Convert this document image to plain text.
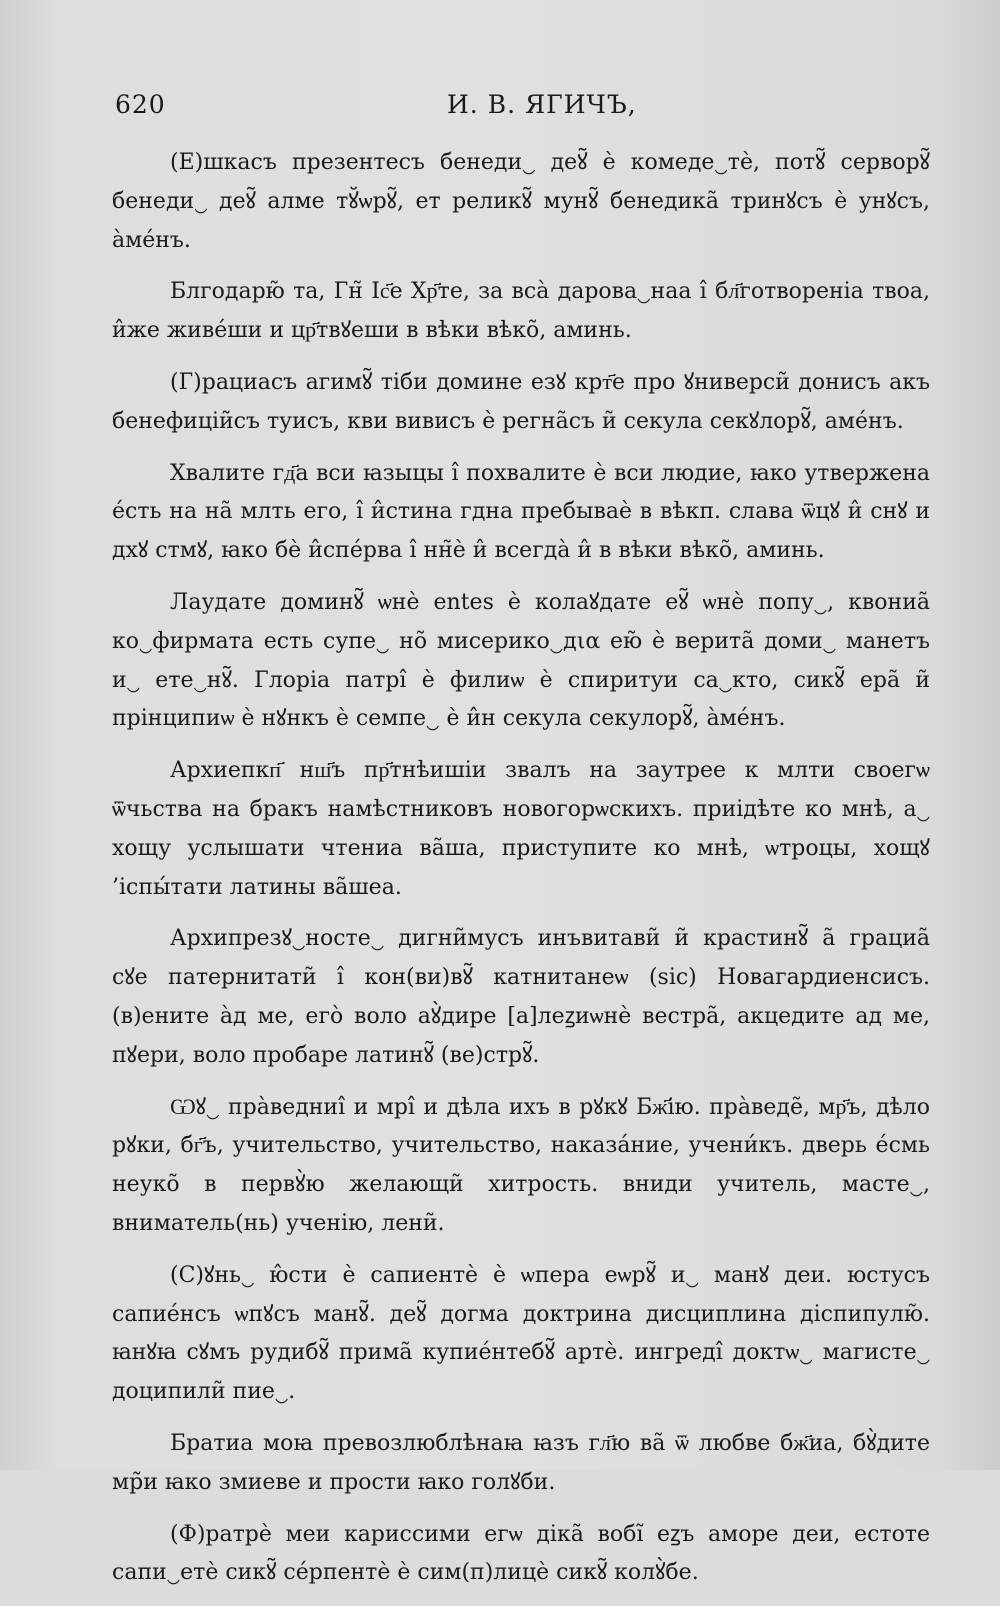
620	И. В. ЯГИЧЪ,

(Е)шкасъ презентесъ бенеди‿ деꙋ̃ ѐ комеде‿тѐ, потꙋ̃ серворꙋ̃ бенеди‿ деꙋ̃ алме тꙋ̆ѡрꙋ̃, ет реликꙋ̃ мунꙋ̃ бенедика̃ тринꙋсъ ѐ унꙋсъ, а̀ме́нъ.

Блгодарю̃ та, Гн̃ Іс҃е Хр҃те, за вса̀ дарова‿наа і̂ бл҃готвореніа твоа, и̂же живе́ши и цр҃твꙋеши в вѣки вѣко̃, аминь.

(Г)рациасъ агимꙋ̃ тіби домине езꙋ крт҃е про ꙋниверси̃ донисъ акъ бенефиціи̃съ туисъ, кви вивисъ ѐ регна̃съ и̃ секула секꙋлорꙋ̃, аме́нъ.

Хвалите гд҃а вси ꙗзыцы і̂ похвалите ѐ вси людие, ꙗко утвержена е́сть на на̃ млть его, і̂ и̂стина гдна пребываѐ в вѣкп. слава ѿцꙋ и̂ снꙋ и дхꙋ стмꙋ, ꙗко бѐ и̂спе́рва і̂ нн̃ѐ и̂ всегда̀ и̂ в вѣки вѣко̃, аминь.

Лаудате доминꙋ̃ ѡнѐ entes ѐ колаꙋдате еꙋ̃ ѡнѐ попу‿, квониа̃ ко‿фирмата есть супе‿ но̃ мисерико‿дια ею̃ ѐ верита̃ доми‿ манетъ и‿ ете‿нꙋ̃. Глоріа патрі̂ ѐ филиѡ ѐ спиритуи са‿кто, сикꙋ̃ ера̃ и̃ прінципиѡ ѐ нꙋнкъ ѐ семпе‿ ѐ и̂н секула секулорꙋ̃, а̀ме́нъ.

Архиепкп҃ нш҃ъ пр҃тнѣишіи звалъ на заутрее к млти своегѡ ѿчьства на бракъ намѣстниковъ новогорѡскихъ. приідѣте ко мнѣ, а‿ хощу услышати чтениа ва̃ша, приступите ко мнѣ, ѡтроцы, хощꙋ ’іспы́тати латины ва̃шеа.

Архипрезꙋ‿носте‿ дигни̃мусъ инъвитави̃ и̃ крастинꙋ̃ а̃ грациа̃ сꙋе патернитати̃ і̂ кон(ви)вꙋ̃ катнитанеѡ (sic) Новагардиенсисъ. (в)ените а̀д ме, его̀ воло аꙋ̀дире [а]леꙁиѡнѐ вестра̃, акцедите ад ме, пꙋери, воло пробаре латинꙋ̃ (ве)стрꙋ̃.

Ѡꙋ‿ пра̀ведниі̂ и мрі̂ и дѣла ихъ в рꙋкꙋ Бж҃ію. пра̀веде̃, мр҃ъ, дѣло рꙋки, бг҃ъ, учительство, учительство, наказа́ние, учени́къ. дверь е́смь неуко̃ в первꙋ̀ю желающи̃ хитрость. вниди учитель, масте‿, вниматель(нь) ученію, лени̃.

(С)ꙋнь‿ ю̂сти ѐ сапиентѐ ѐ ѡпера еѡрꙋ̃ и‿ манꙋ деи. юстусъ сапие́нсъ ѡпꙋсъ манꙋ̃. деꙋ̃ догма доктрина дисциплина діспипулю̃. ꙗнꙋꙗ сꙋмъ рудибꙋ̃ прима̃ купие́нтебꙋ̃ артѐ. ингреді̂ доктѡ‿ магисте‿ доципили̃ пие‿.

Братиа моꙗ превозлюблѣнаꙗ ꙗзъ гл҃ю ва̃ ѿ любве бж҃иа, бꙋ̀дите мр̃и ꙗко змиеве и прости ꙗко голꙋби.

(Ф)ратрѐ меи кариссими егѡ діка̃ вобі̃ еꙁъ аморе деи, естоте сапи‿етѐ сикꙋ̃ се́рпентѐ ѐ сим(п)лицѐ сикꙋ̃ колꙋ̀бе.
